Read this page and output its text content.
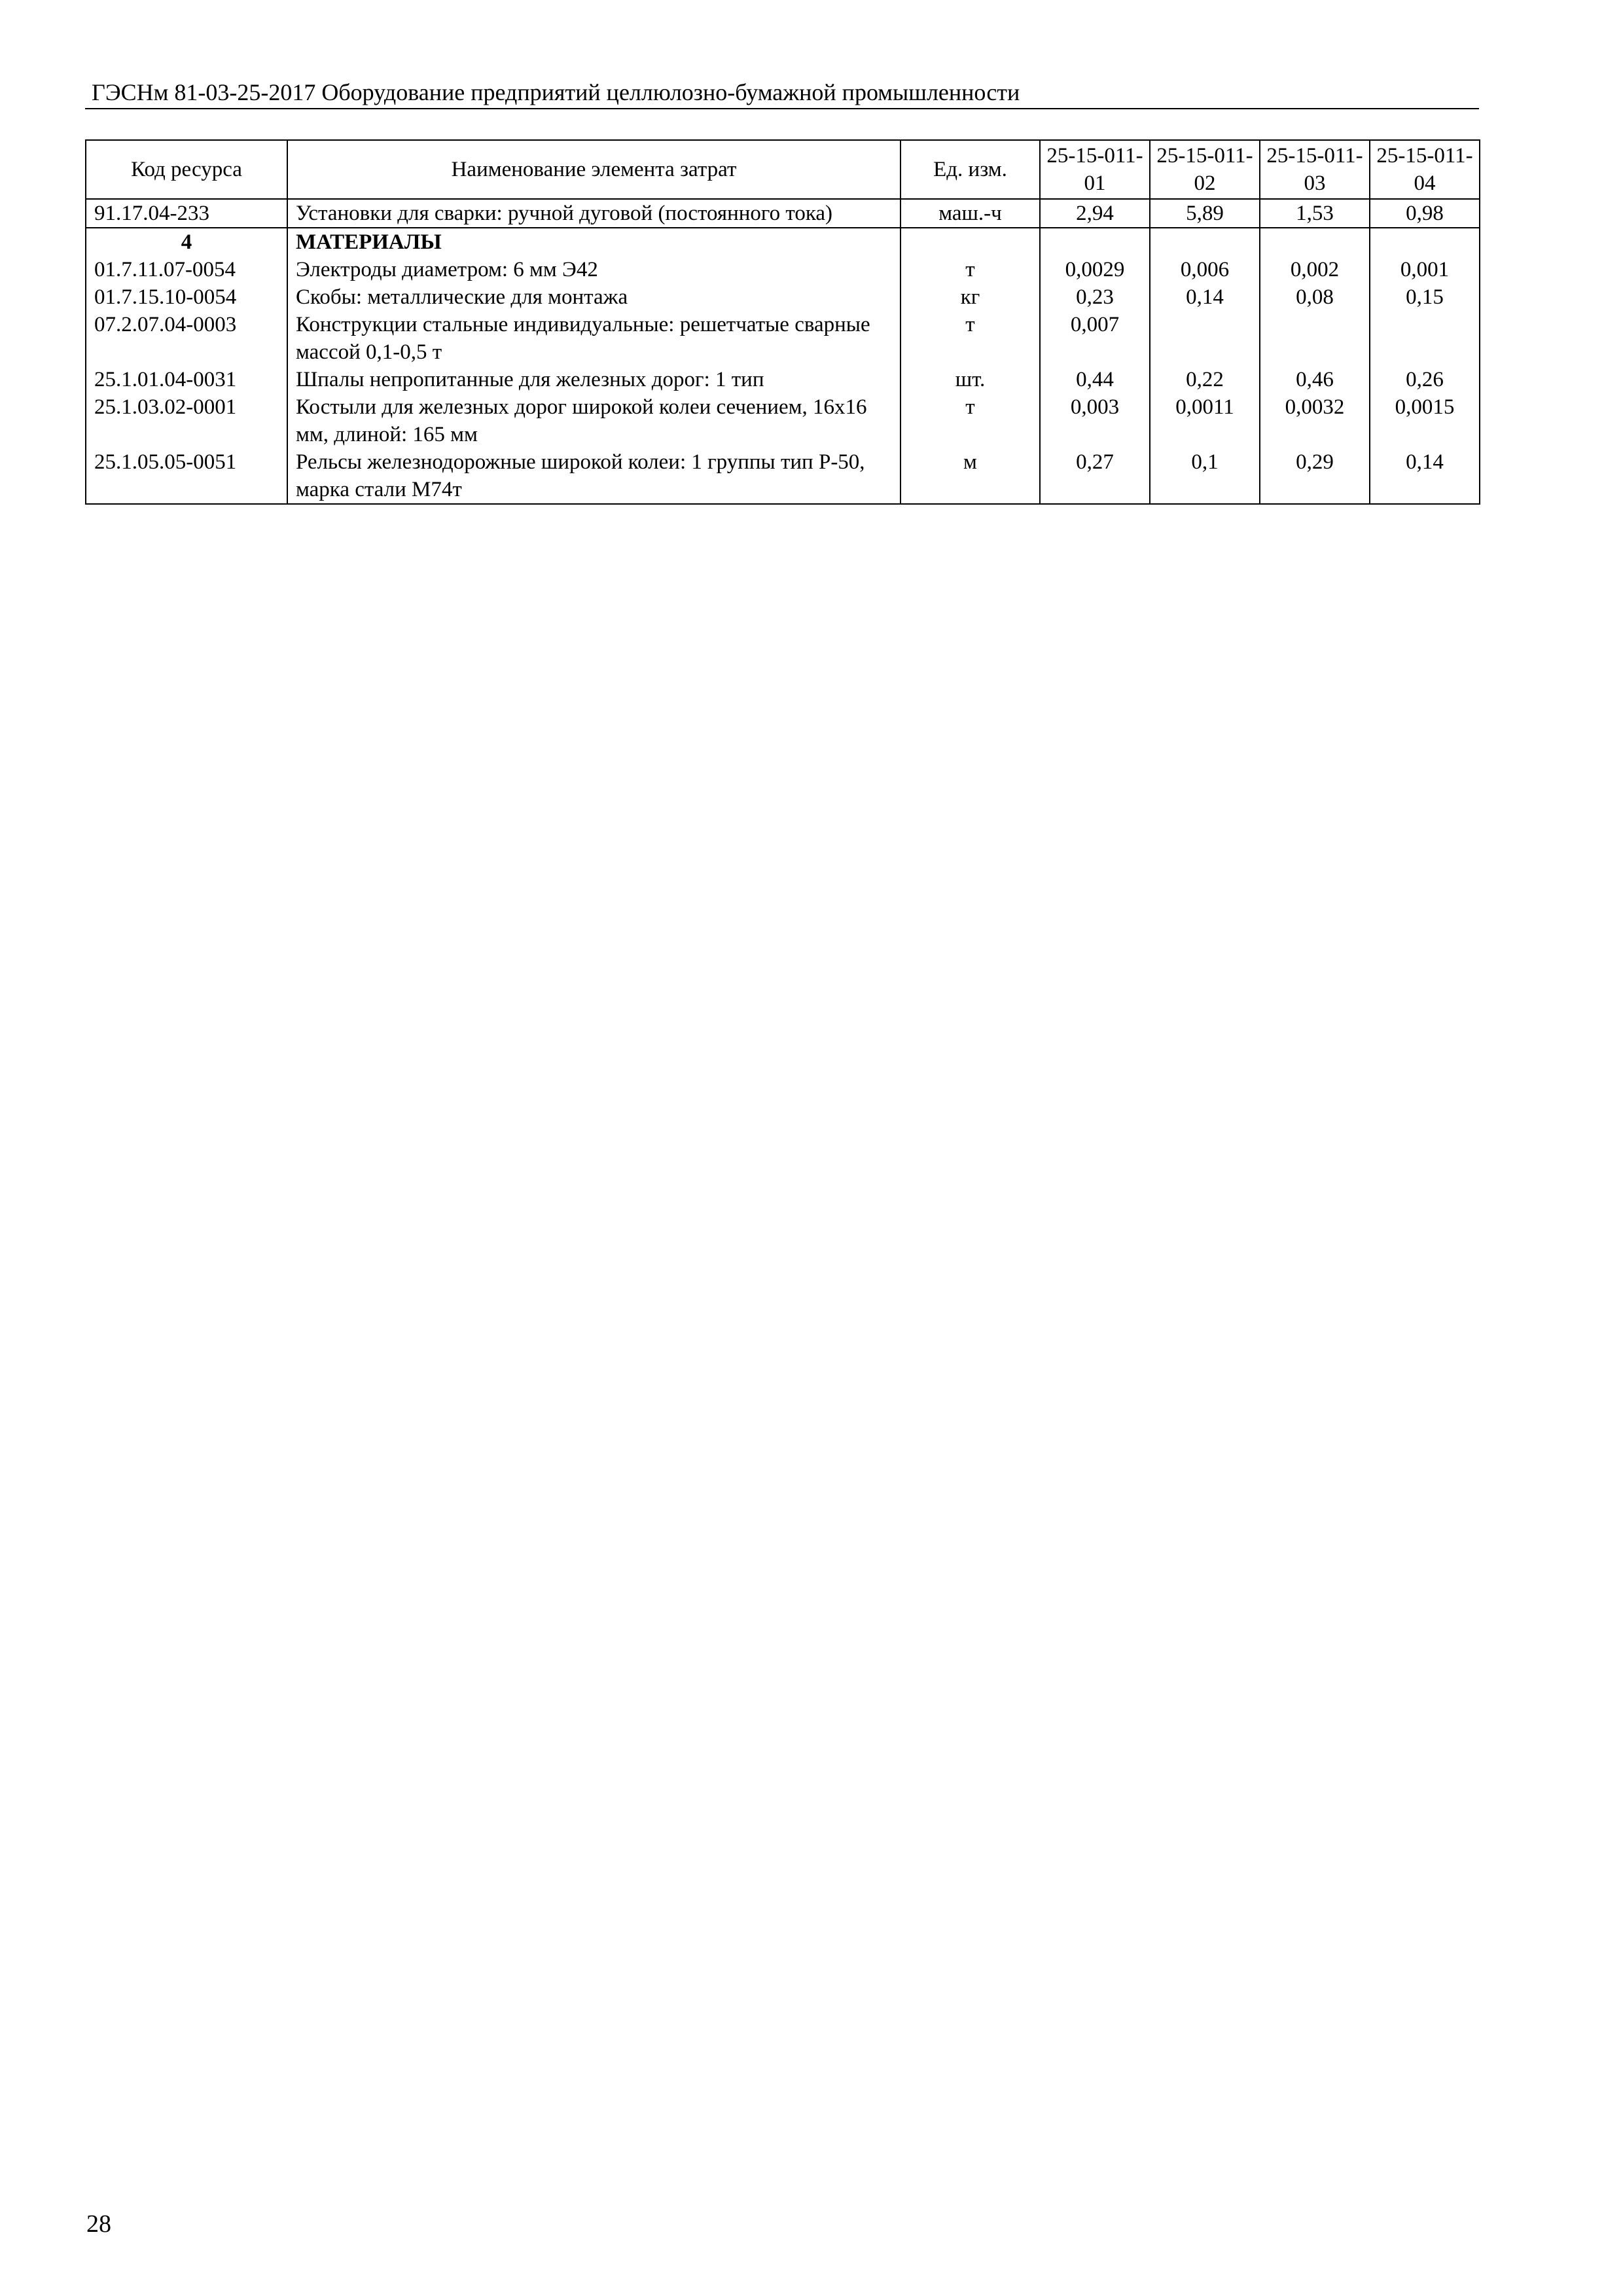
ГЭСНм 81-03-25-2017 Оборудование предприятий целлюлозно-бумажной промышленности
Код ресурса	Наименование элемента затрат	Ед. изм.	25-15-011-01	25-15-011-02	25-15-011-03	25-15-011-04
91.17.04-233	Установки для сварки: ручной дуговой (постоянного тока)	маш.-ч	2,94	5,89	1,53	0,98
4	МАТЕРИАЛЫ					
01.7.11.07-0054	Электроды диаметром: 6 мм Э42	т	0,0029	0,006	0,002	0,001
01.7.15.10-0054	Скобы: металлические для монтажа	кг	0,23	0,14	0,08	0,15
07.2.07.04-0003	Конструкции стальные индивидуальные: решетчатые сварные массой 0,1-0,5 т	т	0,007			
25.1.01.04-0031	Шпалы непропитанные для железных дорог: 1 тип	шт.	0,44	0,22	0,46	0,26
25.1.03.02-0001	Костыли для железных дорог широкой колеи сечением, 16х16 мм, длиной: 165 мм	т	0,003	0,0011	0,0032	0,0015
25.1.05.05-0051	Рельсы железнодорожные широкой колеи: 1 группы тип Р-50, марка стали М74т	м	0,27	0,1	0,29	0,14
28
